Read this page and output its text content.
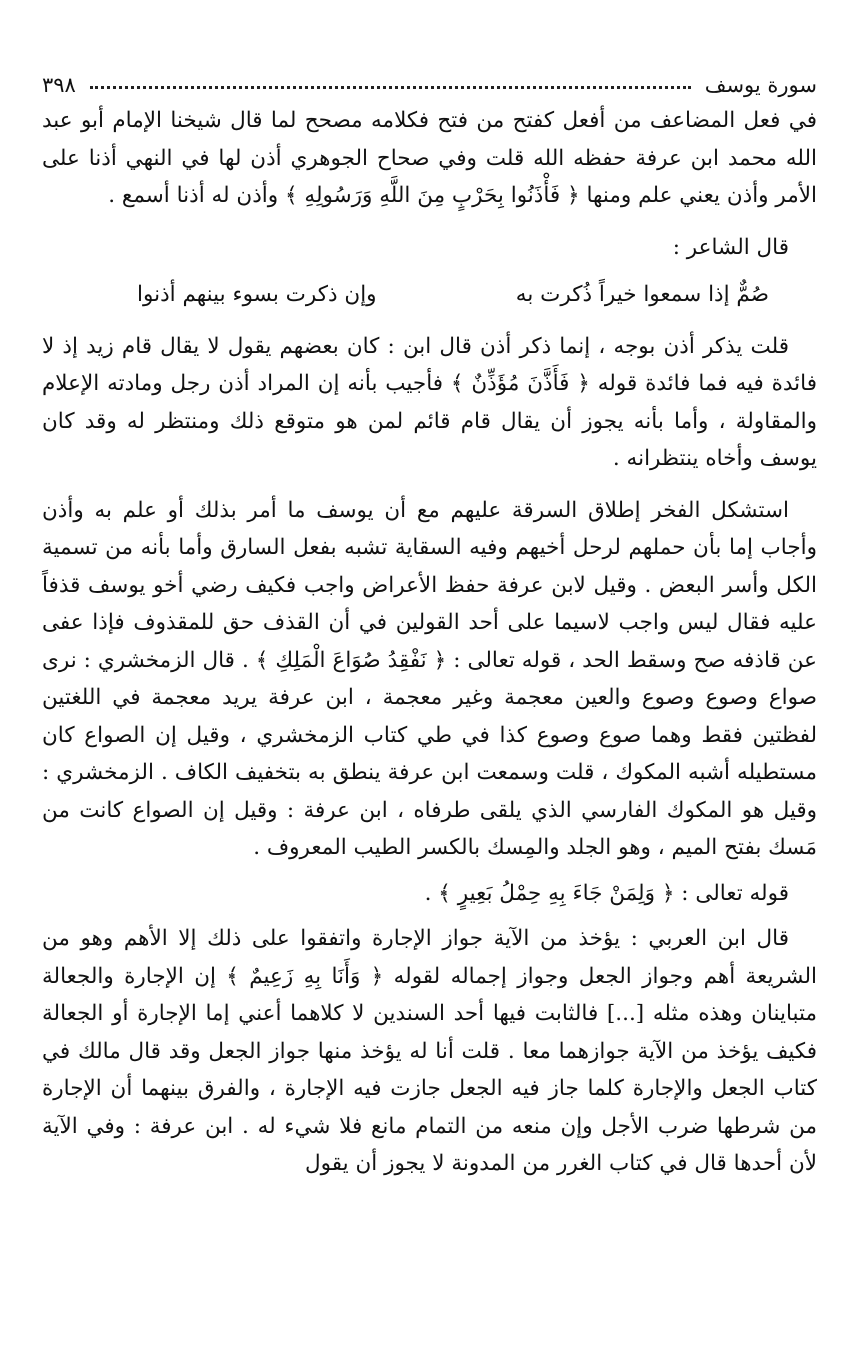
٣٩٨	سورة يوسف

في فعل المضاعف من أفعل كفتح من فتح فكلامه مصحح لما قال شيخنا الإمام أبو عبد الله محمد ابن عرفة حفظه الله قلت وفي صحاح الجوهري أذن لها في النهي أذنا على الأمر وأذن يعني علم ومنها ﴿ فَأْذَنُوا بِحَرْبٍ مِنَ اللَّهِ وَرَسُولِهِ ﴾ وأذن له أذنا أسمع .

قال الشاعر :

صُمٌّ إذا سمعوا خيراً ذُكرت به
وإن ذكرت بسوء بينهم أذنوا

قلت يذكر أذن بوجه ، إنما ذكر أذن قال ابن : كان بعضهم يقول لا يقال قام زيد إذ لا فائدة فيه فما فائدة قوله ﴿ فَأَذَّنَ مُؤَذِّنٌ ﴾ فأجيب بأنه إن المراد أذن رجل ومادته الإعلام والمقاولة ، وأما بأنه يجوز أن يقال قام قائم لمن هو متوقع ذلك ومنتظر له وقد كان يوسف وأخاه ينتظرانه .

استشكل الفخر إطلاق السرقة عليهم مع أن يوسف ما أمر بذلك أو علم به وأذن وأجاب إما بأن حملهم لرحل أخيهم وفيه السقاية تشبه بفعل السارق وأما بأنه من تسمية الكل وأسر البعض . وقيل لابن عرفة حفظ الأعراض واجب فكيف رضي أخو يوسف قذفاً عليه فقال ليس واجب لاسيما على أحد القولين في أن القذف حق للمقذوف فإذا عفى عن قاذفه صح وسقط الحد ، قوله تعالى : ﴿ نَفْقِدُ صُوَاعَ الْمَلِكِ ﴾ . قال الزمخشري : نرى صواع وصوع وصوع والعين معجمة وغير معجمة ، ابن عرفة يريد معجمة في اللغتين لفظتين فقط وهما صوع وصوع كذا في طي كتاب الزمخشري ، وقيل إن الصواع كان مستطيله أشبه المكوك ، قلت وسمعت ابن عرفة ينطق به بتخفيف الكاف . الزمخشري : وقيل هو المكوك الفارسي الذي يلقى طرفاه ، ابن عرفة : وقيل إن الصواع كانت من مَسك بفتح الميم ، وهو الجلد والمِسك بالكسر الطيب المعروف .

قوله تعالى : ﴿ وَلِمَنْ جَاءَ بِهِ حِمْلُ بَعِيرٍ ﴾ .

قال ابن العربي : يؤخذ من الآية جواز الإجارة واتفقوا على ذلك إلا الأهم وهو من الشريعة أهم وجواز الجعل وجواز إجماله لقوله ﴿ وَأَنَا بِهِ زَعِيمٌ ﴾ إن الإجارة والجعالة متباينان وهذه مثله [...] فالثابت فيها أحد السندين لا كلاهما أعني إما الإجارة أو الجعالة فكيف يؤخذ من الآية جوازهما معا . قلت أنا له يؤخذ منها جواز الجعل وقد قال مالك في كتاب الجعل والإجارة كلما جاز فيه الجعل جازت فيه الإجارة ، والفرق بينهما أن الإجارة من شرطها ضرب الأجل وإن منعه من التمام مانع فلا شيء له . ابن عرفة : وفي الآية لأن أحدها قال في كتاب الغرر من المدونة لا يجوز أن يقول
